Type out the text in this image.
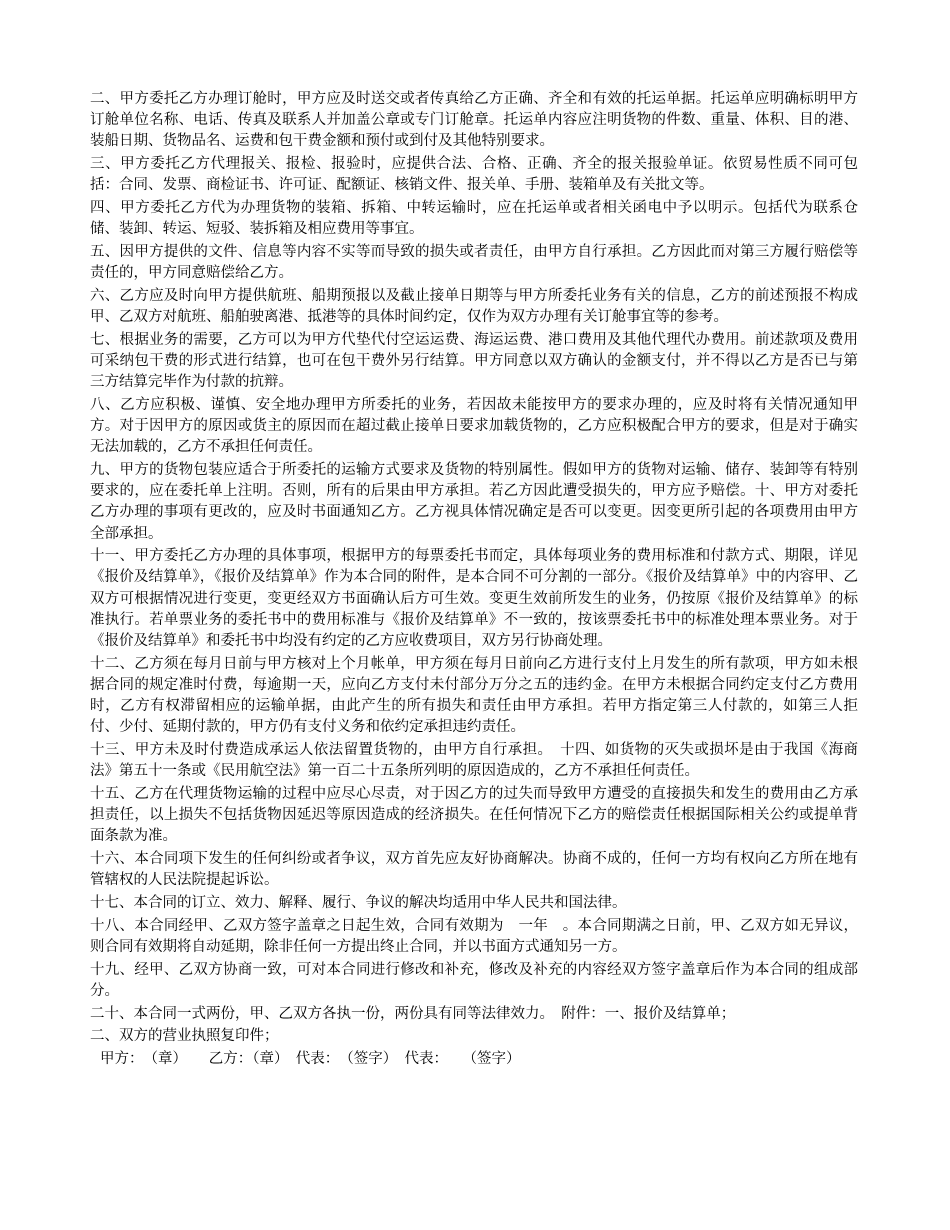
二、甲方委托乙方办理订舱时，甲方应及时送交或者传真给乙方正确、齐全和有效的托运单据。托运单应明确标明甲方订舱单位名称、电话、传真及联系人并加盖公章或专门订舱章。托运单内容应注明货物的件数、重量、体积、目的港、装船日期、货物品名、运费和包干费金额和预付或到付及其他特别要求。

三、甲方委托乙方代理报关、报检、报验时，应提供合法、合格、正确、齐全的报关报验单证。依贸易性质不同可包括：合同、发票、商检证书、许可证、配额证、核销文件、报关单、手册、装箱单及有关批文等。

四、甲方委托乙方代为办理货物的装箱、拆箱、中转运输时，应在托运单或者相关函电中予以明示。包括代为联系仓储、装卸、转运、短驳、装拆箱及相应费用等事宜。

五、因甲方提供的文件、信息等内容不实等而导致的损失或者责任，由甲方自行承担。乙方因此而对第三方履行赔偿等责任的，甲方同意赔偿给乙方。

六、乙方应及时向甲方提供航班、船期预报以及截止接单日期等与甲方所委托业务有关的信息，乙方的前述预报不构成甲、乙双方对航班、船舶驶离港、抵港等的具体时间约定，仅作为双方办理有关订舱事宜等的参考。

七、根据业务的需要，乙方可以为甲方代垫代付空运运费、海运运费、港口费用及其他代理代办费用。前述款项及费用可采纳包干费的形式进行结算，也可在包干费外另行结算。甲方同意以双方确认的金额支付，并不得以乙方是否已与第三方结算完毕作为付款的抗辩。

八、乙方应积极、谨慎、安全地办理甲方所委托的业务，若因故未能按甲方的要求办理的，应及时将有关情况通知甲方。对于因甲方的原因或货主的原因而在超过截止接单日要求加载货物的，乙方应积极配合甲方的要求，但是对于确实无法加载的，乙方不承担任何责任。

九、甲方的货物包装应适合于所委托的运输方式要求及货物的特别属性。假如甲方的货物对运输、储存、装卸等有特别要求的，应在委托单上注明。否则，所有的后果由甲方承担。若乙方因此遭受损失的，甲方应予赔偿。十、甲方对委托乙方办理的事项有更改的，应及时书面通知乙方。乙方视具体情况确定是否可以变更。因变更所引起的各项费用由甲方全部承担。

十一、甲方委托乙方办理的具体事项，根据甲方的每票委托书而定，具体每项业务的费用标准和付款方式、期限，详见《报价及结算单》，《报价及结算单》作为本合同的附件，是本合同不可分割的一部分。《报价及结算单》中的内容甲、乙双方可根据情况进行变更，变更经双方书面确认后方可生效。变更生效前所发生的业务，仍按原《报价及结算单》的标准执行。若单票业务的委托书中的费用标准与《报价及结算单》不一致的，按该票委托书中的标准处理本票业务。对于《报价及结算单》和委托书中均没有约定的乙方应收费项目，双方另行协商处理。

十二、乙方须在每月日前与甲方核对上个月帐单，甲方须在每月日前向乙方进行支付上月发生的所有款项，甲方如未根据合同的规定准时付费，每逾期一天，应向乙方支付未付部分万分之五的违约金。在甲方未根据合同约定支付乙方费用时，乙方有权滞留相应的运输单据，由此产生的所有损失和责任由甲方承担。若甲方指定第三人付款的，如第三人拒付、少付、延期付款的，甲方仍有支付义务和依约定承担违约责任。

十三、甲方未及时付费造成承运人依法留置货物的，由甲方自行承担。　十四、如货物的灭失或损坏是由于我国《海商法》第五十一条或《民用航空法》第一百二十五条所列明的原因造成的，乙方不承担任何责任。

十五、乙方在代理货物运输的过程中应尽心尽责，对于因乙方的过失而导致甲方遭受的直接损失和发生的费用由乙方承担责任，以上损失不包括货物因延迟等原因造成的经济损失。在任何情况下乙方的赔偿责任根据国际相关公约或提单背面条款为准。

十六、本合同项下发生的任何纠纷或者争议，双方首先应友好协商解决。协商不成的，任何一方均有权向乙方所在地有管辖权的人民法院提起诉讼。

十七、本合同的订立、效力、解释、履行、争议的解决均适用中华人民共和国法律。

十八、本合同经甲、乙双方签字盖章之日起生效，合同有效期为　一年　。本合同期满之日前，甲、乙双方如无异议，则合同有效期将自动延期，除非任何一方提出终止合同，并以书面方式通知另一方。

十九、经甲、乙双方协商一致，可对本合同进行修改和补充，修改及补充的内容经双方签字盖章后作为本合同的组成部分。

二十、本合同一式两份，甲、乙双方各执一份，两份具有同等法律效力。　附件：一、报价及结算单；

二、双方的营业执照复印件；

甲方：　（章）　　乙方：（章）　代表：　（签字）　代表：　　（签字）
